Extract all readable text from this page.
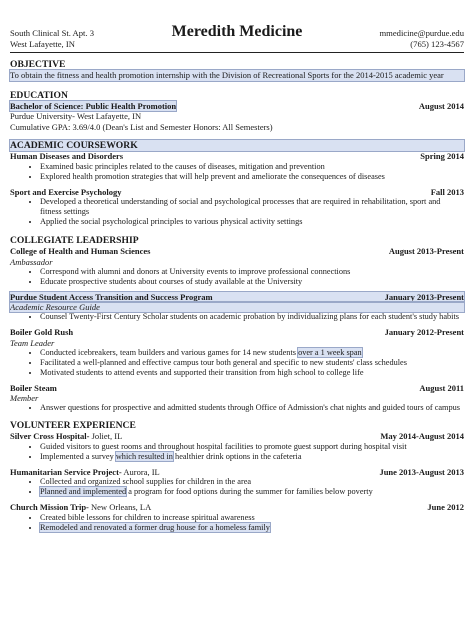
South Clinical St. Apt. 3
West Lafayette, IN
Meredith Medicine	mmedicine@purdue.edu
(765) 123-4567
OBJECTIVE
To obtain the fitness and health promotion internship with the Division of Recreational Sports for the 2014-2015 academic year
EDUCATION
Bachelor of Science: Public Health Promotion	August 2014
Purdue University- West Lafayette, IN
Cumulative GPA: 3.69/4.0 (Dean's List and Semester Honors: All Semesters)
ACADEMIC COURSEWORK
Human Diseases and Disorders	Spring 2014
• Examined basic principles related to the causes of diseases, mitigation and prevention
• Explored health promotion strategies that will help prevent and ameliorate the consequences of diseases
Sport and Exercise Psychology	Fall 2013
• Developed a theoretical understanding of social and psychological processes that are required in rehabilitation, sport and fitness settings
• Applied the social psychological principles to various physical activity settings
COLLEGIATE LEADERSHIP
College of Health and Human Sciences	August 2013-Present
Ambassador
• Correspond with alumni and donors at University events to improve professional connections
• Educate prospective students about courses of study available at the University
Purdue Student Access Transition and Success Program	January 2013-Present
Academic Resource Guide
• Counsel Twenty-First Century Scholar students on academic probation by individualizing plans for each student's study habits
Boiler Gold Rush	January 2012-Present
Team Leader
• Conducted icebreakers, team builders and various games for 14 new students over a 1 week span
• Facilitated a well-planned and effective campus tour both general and specific to new students' class schedules
• Motivated students to attend events and supported their transition from high school to college life
Boiler Steam	August 2011
Member
• Answer questions for prospective and admitted students through Office of Admission's chat nights and guided tours of campus
VOLUNTEER EXPERIENCE
Silver Cross Hospital- Joliet, IL	May 2014-August 2014
• Guided visitors to guest rooms and throughout hospital facilities to promote guest support during hospital visit
• Implemented a survey which resulted in healthier drink options in the cafeteria
Humanitarian Service Project- Aurora, IL	June 2013-August 2013
• Collected and organized school supplies for children in the area
• Planned and implemented a program for food options during the summer for families below poverty
Church Mission Trip- New Orleans, LA	June 2012
• Created bible lessons for children to increase spiritual awareness
• Remodeled and renovated a former drug house for a homeless family
